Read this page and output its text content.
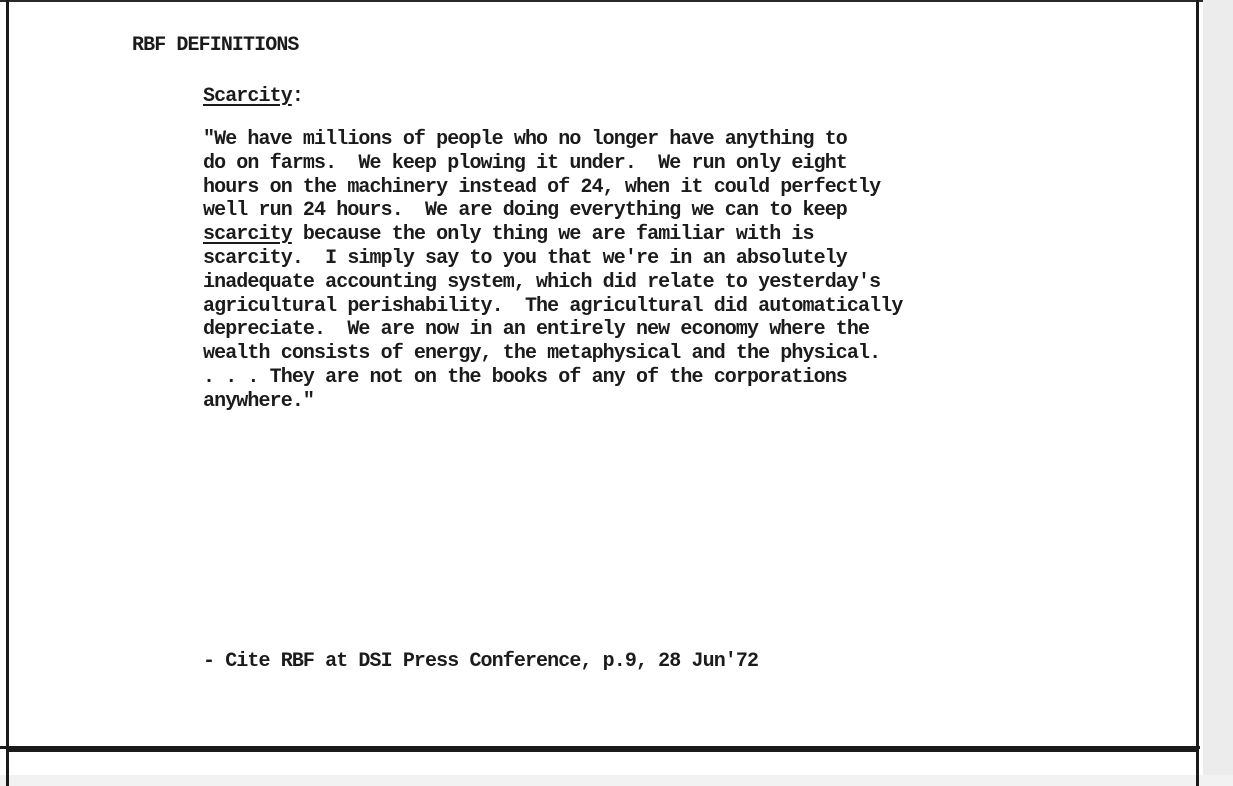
RBF DEFINITIONS
Scarcity:
"We have millions of people who no longer have anything to
do on farms.  We keep plowing it under.  We run only eight
hours on the machinery instead of 24, when it could perfectly
well run 24 hours.  We are doing everything we can to keep
scarcity because the only thing we are familiar with is
scarcity.  I simply say to you that we're in an absolutely
inadequate accounting system, which did relate to yesterday's
agricultural perishability.  The agricultural did automatically
depreciate.  We are now in an entirely new economy where the
wealth consists of energy, the metaphysical and the physical.
. . . They are not on the books of any of the corporations
anywhere."
- Cite RBF at DSI Press Conference, p.9, 28 Jun'72
